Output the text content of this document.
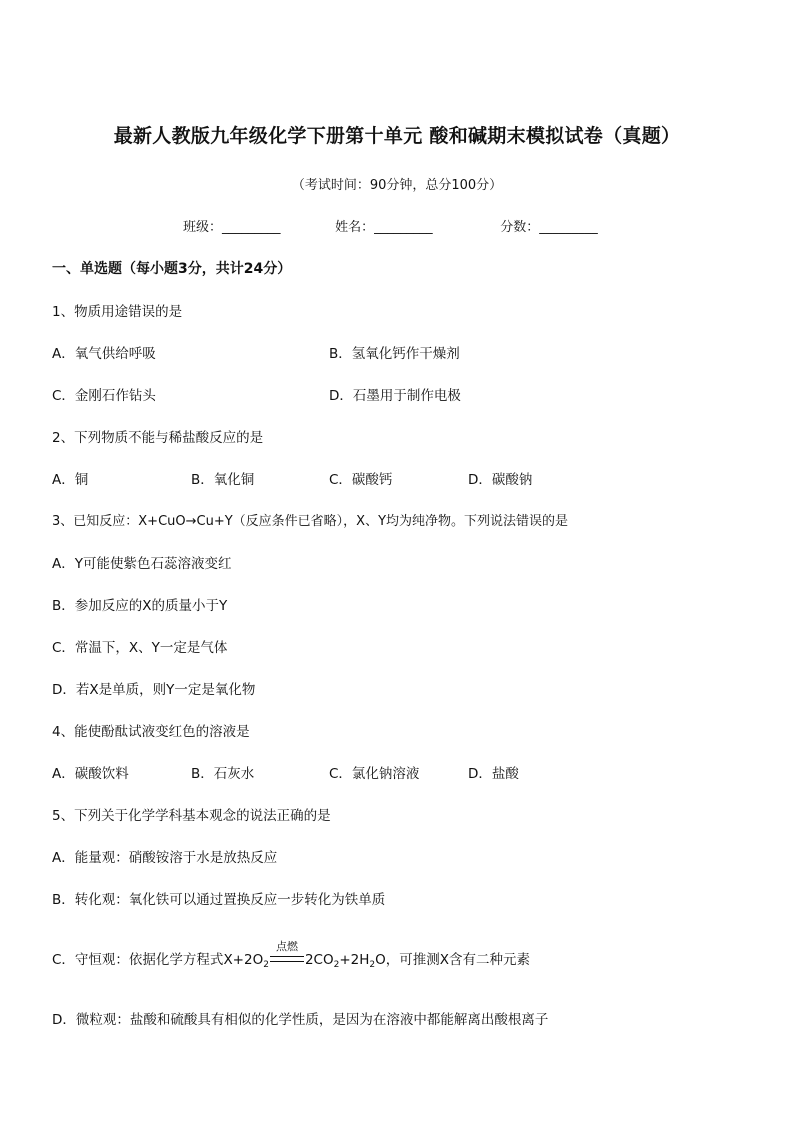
最新人教版九年级化学下册第十单元 酸和碱期末模拟试卷（真题）
（考试时间：90分钟，总分100分）
班级：_________	姓名：_________	分数：_________
一、单选题（每小题3分，共计24分）
1、物质用途错误的是
A．氧气供给呼吸	B．氢氧化钙作干燥剂
C．金刚石作钻头	D．石墨用于制作电极
2、下列物质不能与稀盐酸反应的是
A．铜	B．氧化铜	C．碳酸钙	D．碳酸钠
3、已知反应：X+CuO→Cu+Y（反应条件已省略），X、Y均为纯净物。下列说法错误的是
A．Y可能使紫色石蕊溶液变红
B．参加反应的X的质量小于Y
C．常温下，X、Y一定是气体
D．若X是单质，则Y一定是氧化物
4、能使酚酞试液变红色的溶液是
A．碳酸饮料	B．石灰水	C．氯化钠溶液	D．盐酸
5、下列关于化学学科基本观念的说法正确的是
A．能量观：硝酸铵溶于水是放热反应
B．转化观：氧化铁可以通过置换反应一步转化为铁单质
C．守恒观：依据化学方程式$X+2O_2$
点燃
$2CO_2+2H_2O$，可推测X含有二种元素
D．微粒观：盐酸和硫酸具有相似的化学性质，是因为在溶液中都能解离出酸根离子
